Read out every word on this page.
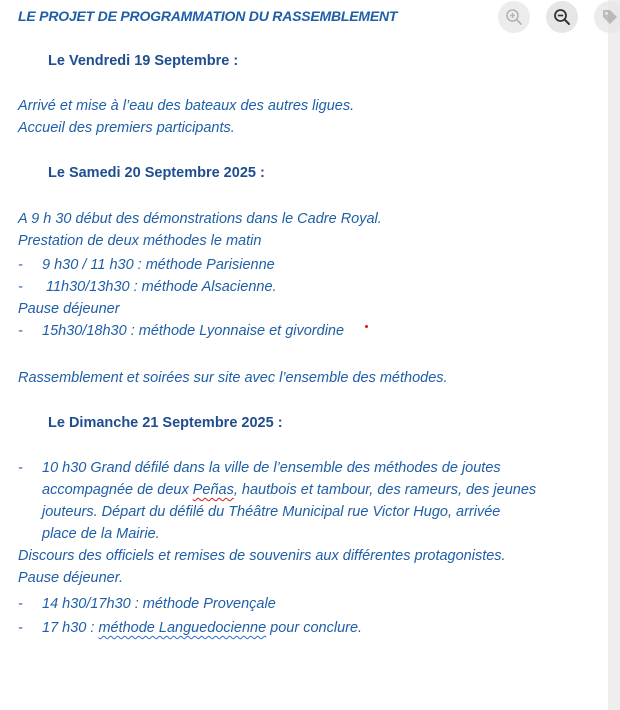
LE PROJET DE PROGRAMMATION DU RASSEMBLEMENT
Le Vendredi 19 Septembre :
Arrivé et mise à l’eau des bateaux des autres ligues.
Accueil des premiers participants.
Le Samedi 20 Septembre 2025 :
A 9 h 30 début des démonstrations dans le Cadre Royal.
Prestation de deux méthodes le matin
- 9 h30 / 11 h30 : méthode Parisienne
- 11h30/13h30 : méthode Alsacienne.
Pause déjeuner
- 15h30/18h30 : méthode Lyonnaise et givordine
Rassemblement et soirées sur site avec l’ensemble des méthodes.
Le Dimanche 21 Septembre 2025 :
- 10 h30 Grand défilé dans la ville de l’ensemble des méthodes de joutes
accompagnée de deux Peñas, hautbois et tambour, des rameurs, des jeunes
jouteurs. Départ du défilé du Théâtre Municipal rue Victor Hugo, arrivée
place de la Mairie.
Discours des officiels et remises de souvenirs aux différentes protagonistes.
Pause déjeuner.
- 14 h30/17h30 : méthode Provençale
- 17 h30 : méthode Languedocienne pour conclure.
